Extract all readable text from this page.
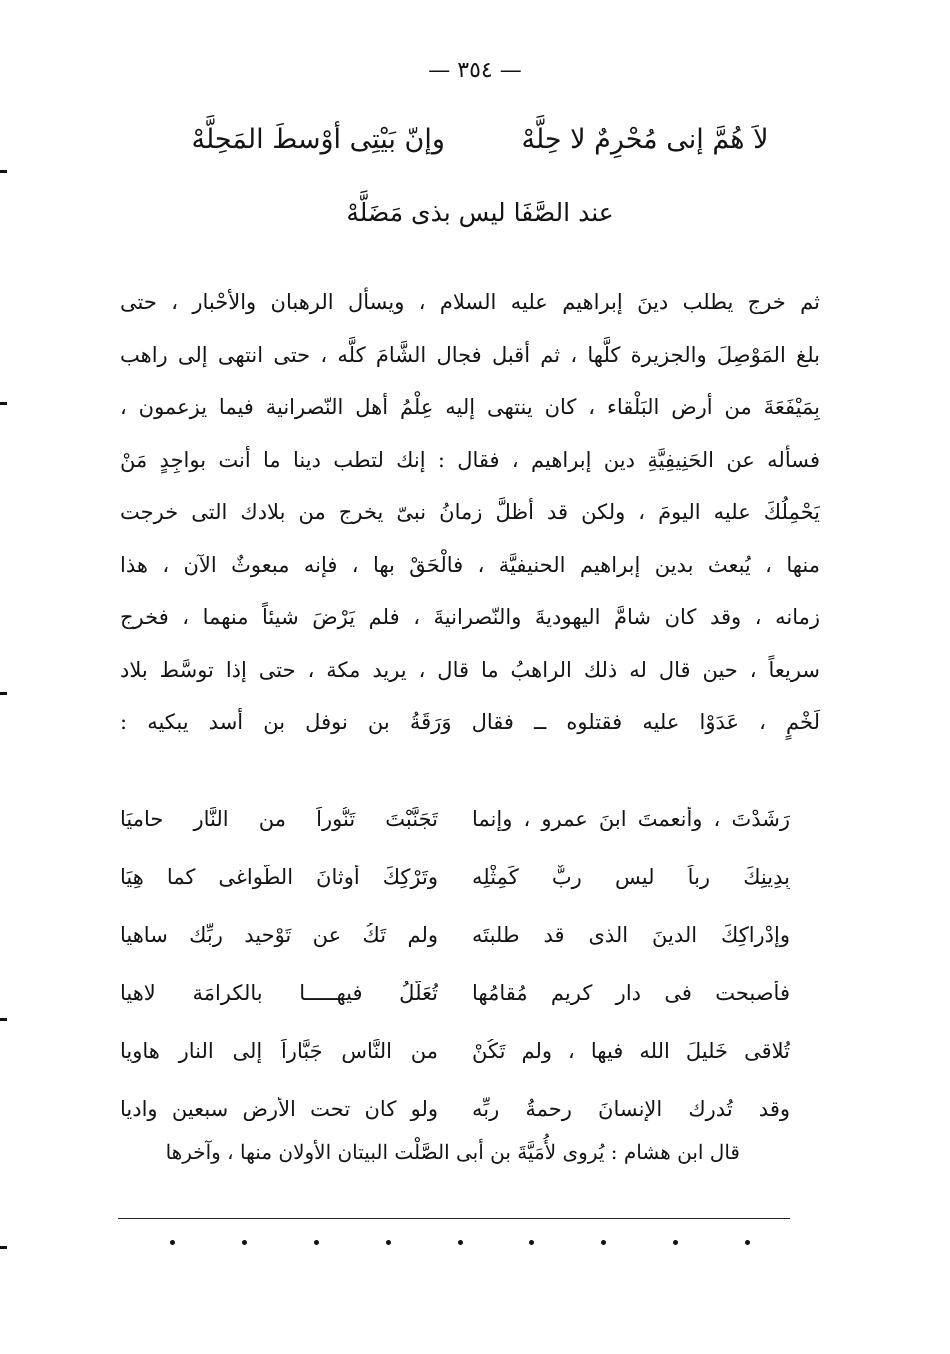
— ٣٥٤ —
لاَ هُمَّ إنى مُحْرِمٌ لا حِلَّهْ وإنّ بَيْتِى أوْسطَ المَحِلَّهْ
عند الصَّفَا ليس بذى مَضَلَّهْ
ثم خرج يطلب دينَ إبراهيم عليه السلام ، ويسأل الرهبان والأحْبار ، حتى
بلغ المَوْصِلَ والجزيرة كلَّها ، ثم أقبل فجال الشَّامَ كلَّه ، حتى انتهى إلى راهب
بِمَيْفَعَةَ من أرض البَلْقاء ، كان ينتهى إليه عِلْمُ أهل النّصرانية فيما يزعمون ،
فسأله عن الحَنِيفِيَّةِ دين إبراهيم ، فقال : إنك لتطب دينا ما أنت بواجِدٍ مَنْ
يَحْمِلُكَ عليه اليومَ ، ولكن قد أظلَّ زمانُ نبىّ يخرج من بلادك التى خرجت
منها ، يُبعث بدين إبراهيم الحنيفيَّة ، فالْحَقْ بها ، فإنه مبعوثٌ الآن ، هذا
زمانه ، وقد كان شامَّ اليهوديةَ والنّصرانيةَ ، فلم يَرْضَ شيئاً منهما ، فخرج
سريعاً ، حين قال له ذلك الراهبُ ما قال ، يريد مكة ، حتى إذا توسَّط بلاد
لَخْمٍ ، عَدَوْا عليه فقتلوه ــ فقال وَرَقَةُ بن نوفل بن أسد يبكيه :
رَشَدْتَ ، وأنعمتَ ابنَ عمرو ، وإنما
تَجَنَّبْتَ تَنُّوراً من النَّار حاميَا
بِدِينِكَ رباً ليس ربٌّ كَمِثْلِه
وتَرْكِكَ أوثانَ الطَّواغى كما هِيَا
وإدْراكِكَ الدينَ الذى قد طلبتَه
ولم تَكُ عن تَوْحيد ربِّك ساهيا
فأصبحت فى دارٍ كريمٍ مُقامُها
تُعَلَّلُ فيهـــــا بالكرامَة لاهيا
تُلاقى خَليلَ الله فيها ، ولم تَكُنْ
من النَّاس جَبَّاراً إلى النار هاويا
وقد تُدرِك الإنسانَ رحمةُ ربِّه
ولو كان تحت الأرض سبعين واديا
قال ابن هشام : يُروى لأُمَيَّةَ بن أبى الصَّلْت البيتان الأولان منها ، وآخرها
